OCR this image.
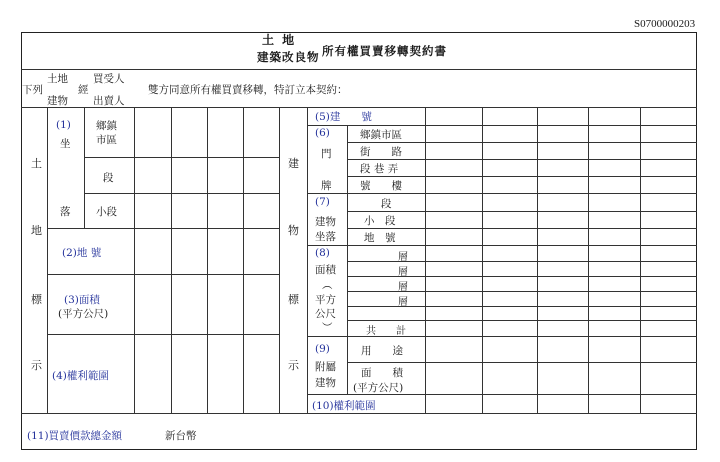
S0700000203
土 地
建築改良物 所有權買賣移轉契約書
土地
建物
下列	經
買受人
出賣人
雙方同意所有權買賣移轉，特訂立本契約：
(11)買賣價款總金額	新台幣
土
地
標
示
(1)
坐
落
鄉鎮市區
段
小段
(2)地 號
(3)面積
(平方公尺)
(4)權利範圍
建
物
標
示
(5)建　　號
(6)
門
牌
鄉鎮市區
街　　路
段 巷 弄
號　　樓
(7)
建物
坐落
段
小　段
地　號
(8)
面積
︵
平方
公尺
︶
層
層
層
層
共　　計
(9)
附屬
建物
用　　途
面　　積
(平方公尺)
(10)權利範圍
